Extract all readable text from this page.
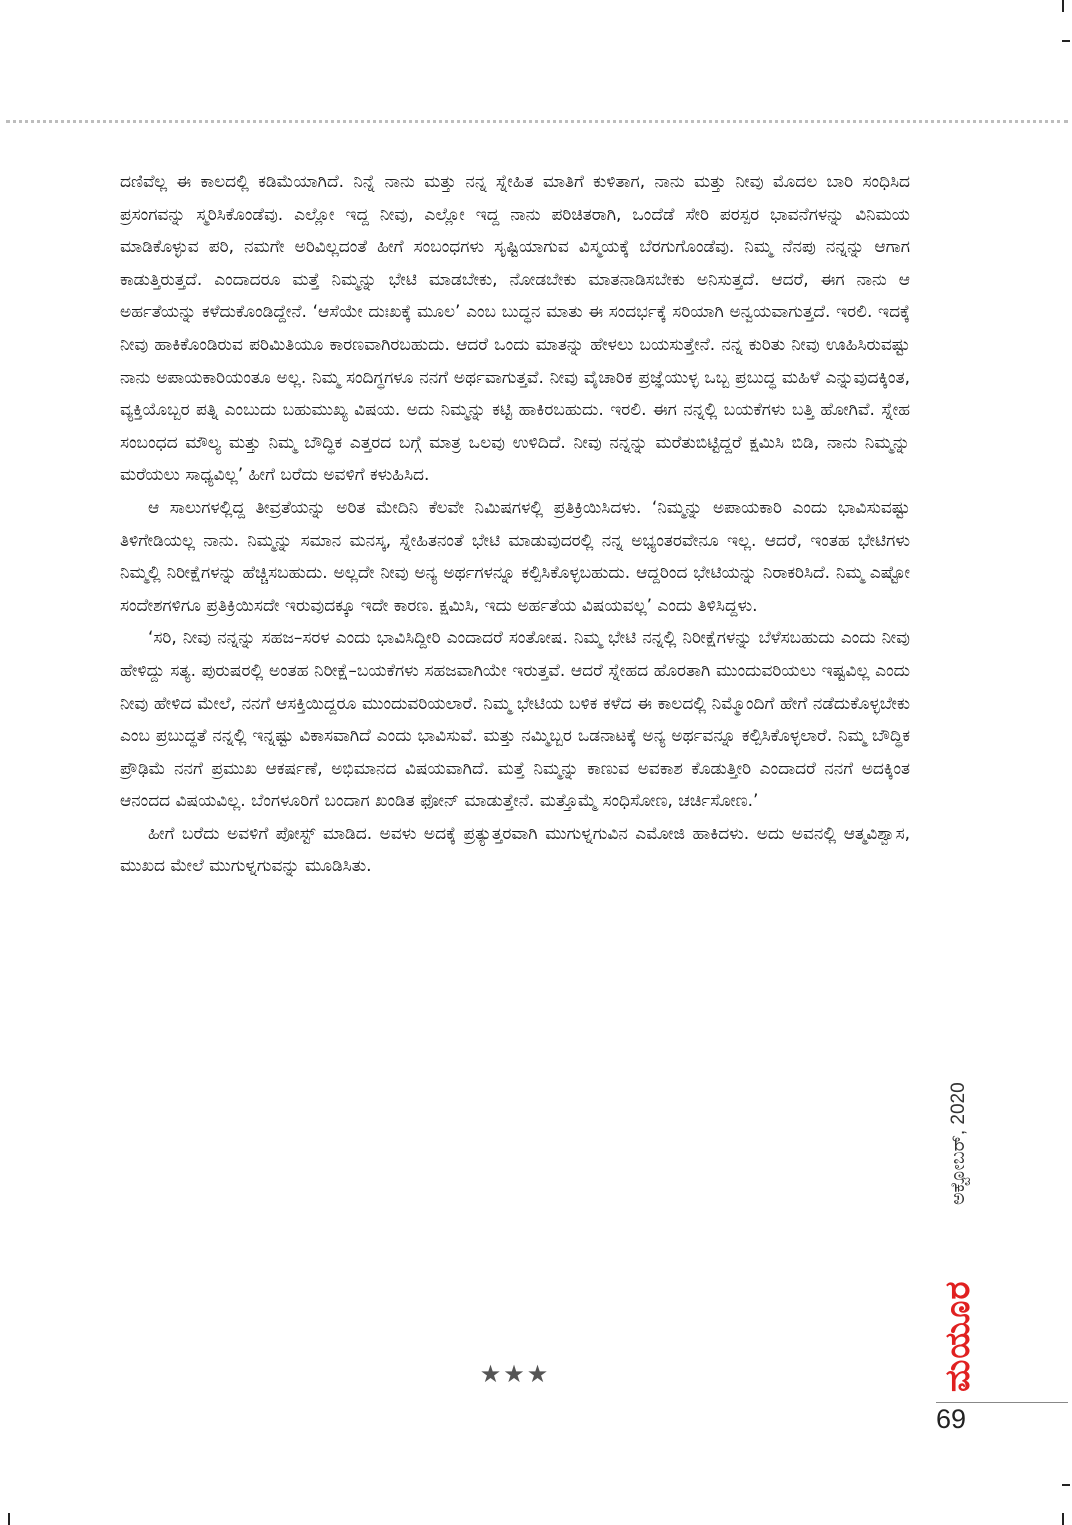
ದಣಿವೆಲ್ಲ ಈ ಕಾಲದಲ್ಲಿ ಕಡಿಮೆಯಾಗಿದೆ. ನಿನ್ನೆ ನಾನು ಮತ್ತು ನನ್ನ ಸ್ನೇಹಿತ ಮಾತಿಗೆ ಕುಳಿತಾಗ, ನಾನು ಮತ್ತು ನೀವು ಮೊದಲ ಬಾರಿ ಸಂಧಿಸಿದ ಪ್ರಸಂಗವನ್ನು ಸ್ಮರಿಸಿಕೊಂಡೆವು. ಎಲ್ಲೋ ಇದ್ದ ನೀವು, ಎಲ್ಲೋ ಇದ್ದ ನಾನು ಪರಿಚಿತರಾಗಿ, ಒಂದೆಡೆ ಸೇರಿ ಪರಸ್ಪರ ಭಾವನೆಗಳನ್ನು ವಿನಿಮಯ ಮಾಡಿಕೊಳ್ಳುವ ಪರಿ, ನಮಗೇ ಅರಿವಿಲ್ಲದಂತೆ ಹೀಗೆ ಸಂಬಂಧಗಳು ಸೃಷ್ಟಿಯಾಗುವ ವಿಸ್ಮಯಕ್ಕೆ ಬೆರಗುಗೊಂಡೆವು. ನಿಮ್ಮ ನೆನಪು ನನ್ನನ್ನು ಆಗಾಗ ಕಾಡುತ್ತಿರುತ್ತದೆ. ಎಂದಾದರೂ ಮತ್ತೆ ನಿಮ್ಮನ್ನು ಭೇಟಿ ಮಾಡಬೇಕು, ನೋಡಬೇಕು ಮಾತನಾಡಿಸಬೇಕು ಅನಿಸುತ್ತದೆ. ಆದರೆ, ಈಗ ನಾನು ಆ ಅರ್ಹತೆಯನ್ನು ಕಳೆದುಕೊಂಡಿದ್ದೇನೆ. ‘ಆಸೆಯೇ ದುಃಖಕ್ಕೆ ಮೂಲ’ ಎಂಬ ಬುದ್ಧನ ಮಾತು ಈ ಸಂದರ್ಭಕ್ಕೆ ಸರಿಯಾಗಿ ಅನ್ವಯವಾಗುತ್ತದೆ. ಇರಲಿ. ಇದಕ್ಕೆ ನೀವು ಹಾಕಿಕೊಂಡಿರುವ ಪರಿಮಿತಿಯೂ ಕಾರಣವಾಗಿರಬಹುದು. ಆದರೆ ಒಂದು ಮಾತನ್ನು ಹೇಳಲು ಬಯಸುತ್ತೇನೆ. ನನ್ನ ಕುರಿತು ನೀವು ಊಹಿಸಿರುವಷ್ಟು ನಾನು ಅಪಾಯಕಾರಿಯಂತೂ ಅಲ್ಲ. ನಿಮ್ಮ ಸಂದಿಗ್ಧಗಳೂ ನನಗೆ ಅರ್ಥವಾಗುತ್ತವೆ. ನೀವು ವೈಚಾರಿಕ ಪ್ರಜ್ಞೆಯುಳ್ಳ ಒಬ್ಬ ಪ್ರಬುದ್ಧ ಮಹಿಳೆ ಎನ್ನುವುದಕ್ಕಿಂತ, ವ್ಯಕ್ತಿಯೊಬ್ಬರ ಪತ್ನಿ ಎಂಬುದು ಬಹುಮುಖ್ಯ ವಿಷಯ. ಅದು ನಿಮ್ಮನ್ನು ಕಟ್ಟಿ ಹಾಕಿರಬಹುದು. ಇರಲಿ. ಈಗ ನನ್ನಲ್ಲಿ ಬಯಕೆಗಳು ಬತ್ತಿ ಹೋಗಿವೆ. ಸ್ನೇಹ ಸಂಬಂಧದ ಮೌಲ್ಯ ಮತ್ತು ನಿಮ್ಮ ಬೌದ್ಧಿಕ ಎತ್ತರದ ಬಗ್ಗೆ ಮಾತ್ರ ಒಲವು ಉಳಿದಿದೆ. ನೀವು ನನ್ನನ್ನು ಮರೆತುಬಿಟ್ಟಿದ್ದರೆ ಕ್ಷಮಿಸಿ ಬಿಡಿ, ನಾನು ನಿಮ್ಮನ್ನು ಮರೆಯಲು ಸಾಧ್ಯವಿಲ್ಲ’ ಹೀಗೆ ಬರೆದು ಅವಳಿಗೆ ಕಳುಹಿಸಿದ.

ಆ ಸಾಲುಗಳಲ್ಲಿದ್ದ ತೀವ್ರತೆಯನ್ನು ಅರಿತ ಮೇದಿನಿ ಕೆಲವೇ ನಿಮಿಷಗಳಲ್ಲಿ ಪ್ರತಿಕ್ರಿಯಿಸಿದಳು. ‘ನಿಮ್ಮನ್ನು ಅಪಾಯಕಾರಿ ಎಂದು ಭಾವಿಸುವಷ್ಟು ತಿಳಿಗೇಡಿಯಲ್ಲ ನಾನು. ನಿಮ್ಮನ್ನು ಸಮಾನ ಮನಸ್ಕ, ಸ್ನೇಹಿತನಂತೆ ಭೇಟಿ ಮಾಡುವುದರಲ್ಲಿ ನನ್ನ ಅಭ್ಯಂತರವೇನೂ ಇಲ್ಲ. ಆದರೆ, ಇಂತಹ ಭೇಟಿಗಳು ನಿಮ್ಮಲ್ಲಿ ನಿರೀಕ್ಷೆಗಳನ್ನು ಹೆಚ್ಚಿಸಬಹುದು. ಅಲ್ಲದೇ ನೀವು ಅನ್ಯ ಅರ್ಥಗಳನ್ನೂ ಕಲ್ಪಿಸಿಕೊಳ್ಳಬಹುದು. ಆದ್ದರಿಂದ ಭೇಟಿಯನ್ನು ನಿರಾಕರಿಸಿದೆ. ನಿಮ್ಮ ಎಷ್ಟೋ ಸಂದೇಶಗಳಿಗೂ ಪ್ರತಿಕ್ರಿಯಿಸದೇ ಇರುವುದಕ್ಕೂ ಇದೇ ಕಾರಣ. ಕ್ಷಮಿಸಿ, ಇದು ಅರ್ಹತೆಯ ವಿಷಯವಲ್ಲ’ ಎಂದು ತಿಳಿಸಿದ್ದಳು.

‘ಸರಿ, ನೀವು ನನ್ನನ್ನು ಸಹಜ–ಸರಳ ಎಂದು ಭಾವಿಸಿದ್ದೀರಿ ಎಂದಾದರೆ ಸಂತೋಷ. ನಿಮ್ಮ ಭೇಟಿ ನನ್ನಲ್ಲಿ ನಿರೀಕ್ಷೆಗಳನ್ನು ಬೆಳೆಸಬಹುದು ಎಂದು ನೀವು ಹೇಳಿದ್ದು ಸತ್ಯ. ಪುರುಷರಲ್ಲಿ ಅಂತಹ ನಿರೀಕ್ಷೆ–ಬಯಕೆಗಳು ಸಹಜವಾಗಿಯೇ ಇರುತ್ತವೆ. ಆದರೆ ಸ್ನೇಹದ ಹೊರತಾಗಿ ಮುಂದುವರಿಯಲು ಇಷ್ಟವಿಲ್ಲ ಎಂದು ನೀವು ಹೇಳಿದ ಮೇಲೆ, ನನಗೆ ಆಸಕ್ತಿಯಿದ್ದರೂ ಮುಂದುವರಿಯಲಾರೆ. ನಿಮ್ಮ ಭೇಟಿಯ ಬಳಿಕ ಕಳೆದ ಈ ಕಾಲದಲ್ಲಿ ನಿಮ್ಮೊಂದಿಗೆ ಹೇಗೆ ನಡೆದುಕೊಳ್ಳಬೇಕು ಎಂಬ ಪ್ರಬುದ್ಧತೆ ನನ್ನಲ್ಲಿ ಇನ್ನಷ್ಟು ವಿಕಾಸವಾಗಿದೆ ಎಂದು ಭಾವಿಸುವೆ. ಮತ್ತು ನಮ್ಮಿಬ್ಬರ ಒಡನಾಟಕ್ಕೆ ಅನ್ಯ ಅರ್ಥವನ್ನೂ ಕಲ್ಪಿಸಿಕೊಳ್ಳಲಾರೆ. ನಿಮ್ಮ ಬೌದ್ಧಿಕ ಪ್ರೌಢಿಮೆ ನನಗೆ ಪ್ರಮುಖ ಆಕರ್ಷಣೆ, ಅಭಿಮಾನದ ವಿಷಯವಾಗಿದೆ. ಮತ್ತೆ ನಿಮ್ಮನ್ನು ಕಾಣುವ ಅವಕಾಶ ಕೊಡುತ್ತೀರಿ ಎಂದಾದರೆ ನನಗೆ ಅದಕ್ಕಿಂತ ಆನಂದದ ವಿಷಯವಿಲ್ಲ. ಬೆಂಗಳೂರಿಗೆ ಬಂದಾಗ ಖಂಡಿತ ಫೋನ್ ಮಾಡುತ್ತೇನೆ. ಮತ್ತೊಮ್ಮೆ ಸಂಧಿಸೋಣ, ಚರ್ಚಿಸೋಣ.’

ಹೀಗೆ ಬರೆದು ಅವಳಿಗೆ ಪೋಸ್ಟ್ ಮಾಡಿದ. ಅವಳು ಅದಕ್ಕೆ ಪ್ರತ್ಯುತ್ತರವಾಗಿ ಮುಗುಳ್ನಗುವಿನ ಎಮೋಜಿ ಹಾಕಿದಳು. ಅದು ಅವನಲ್ಲಿ ಆತ್ಮವಿಶ್ವಾಸ, ಮುಖದ ಮೇಲೆ ಮುಗುಳ್ನಗುವನ್ನು ಮೂಡಿಸಿತು.

★★★
ಅಕ್ಟೋಬರ್, 2020
ಮಯೂರ
69
